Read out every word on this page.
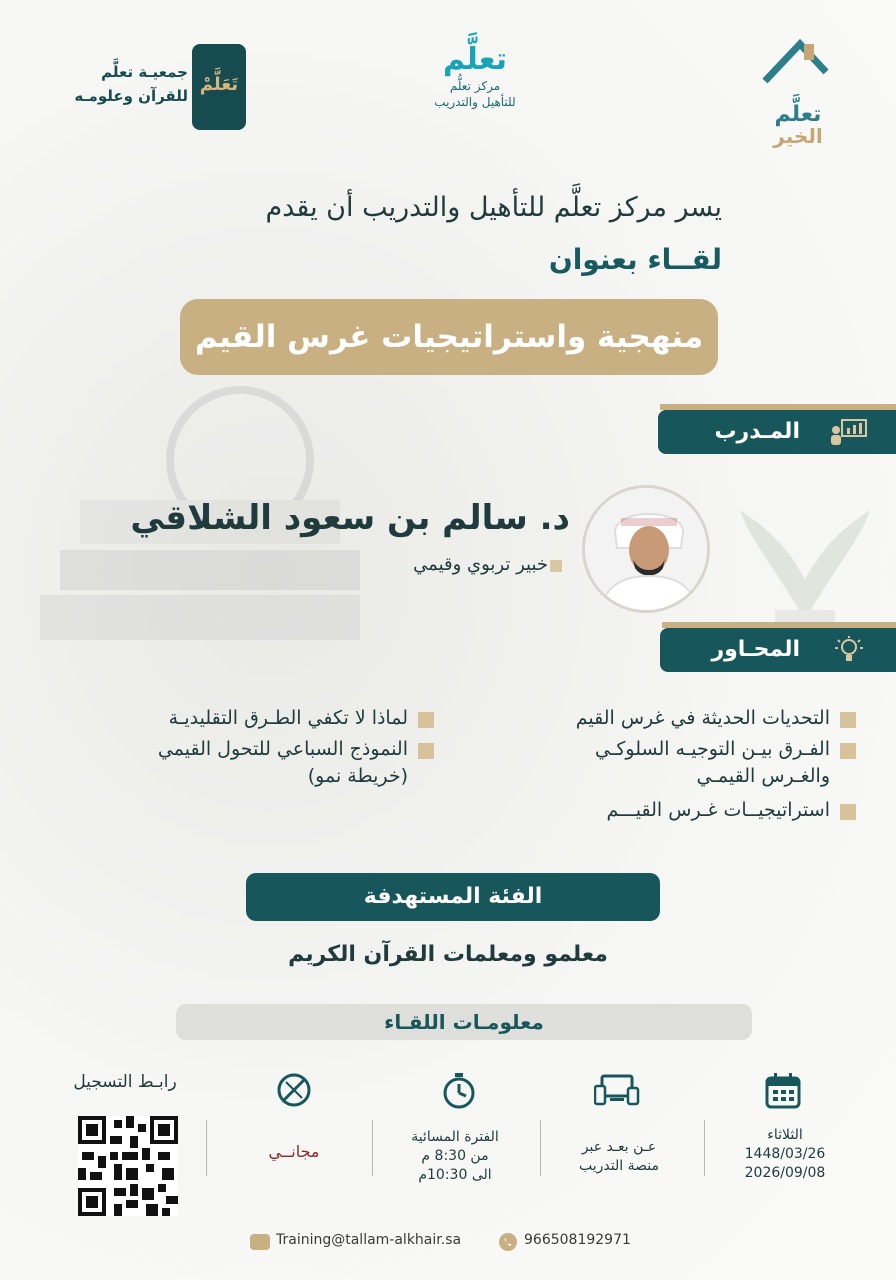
تعلَّم
الخير
تعلَّم
مركز تعلُّم
للتأهيل والتدريب
تَعَلَّمْ
جمعيـة تعلَّم
للقرآن وعلومـه
يسر مركز تعلَّم للتأهيل والتدريب أن يقدم
لقــاء بعنوان
منهجية واستراتيجيات غرس القيم
المـدرب
د. سالم بن سعود الشلاقي
خبير تربوي وقيمي
المحـاور
التحديات الحديثة في غرس القيم
الفـرق بيـن التوجيـه السلوكـي
والغـرس القيمـي
استراتيجيــات غـرس القيـــم
لماذا لا تكفي الطـرق التقليديـة
النموذج السباعي للتحول القيمي
(خريطة نمو)
الفئة المستهدفة
معلمو ومعلمات القرآن الكريم
معلومـات اللقـاء
الثلاثاء
1448/03/26
2026/09/08
عـن بعـد عبر
منصة التدريب
الفترة المسائية
من 8:30 م
الى 10:30م
مجانــي
رابـط التسجيل
Training@tallam-alkhair.sa	966508192971
